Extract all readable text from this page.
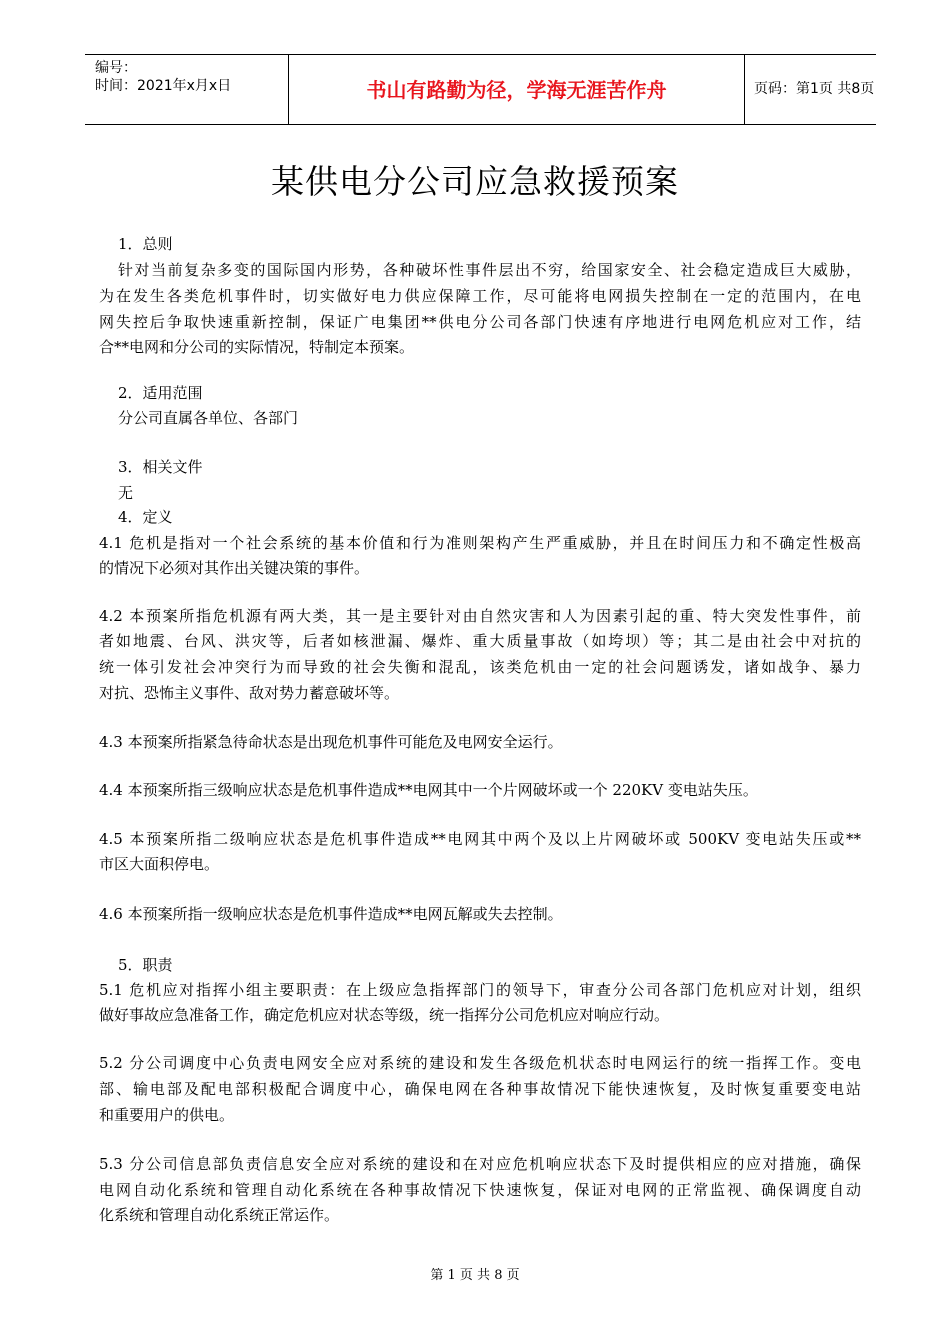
编号：
时间：2021年x月x日	书山有路勤为径，学海无涯苦作舟	页码：第1页 共8页
某供电分公司应急救援预案
1．总则
针对当前复杂多变的国际国内形势，各种破坏性事件层出不穷，给国家安全、社会稳定造成巨大威胁，
为在发生各类危机事件时，切实做好电力供应保障工作，尽可能将电网损失控制在一定的范围内，在电
网失控后争取快速重新控制，保证广电集团**供电分公司各部门快速有序地进行电网危机应对工作，结
合**电网和分公司的实际情况，特制定本预案。
2．适用范围
分公司直属各单位、各部门
3．相关文件
无
4．定义
4.1 危机是指对一个社会系统的基本价值和行为准则架构产生严重威胁，并且在时间压力和不确定性极高
的情况下必须对其作出关键决策的事件。
4.2 本预案所指危机源有两大类，其一是主要针对由自然灾害和人为因素引起的重、特大突发性事件，前
者如地震、台风、洪灾等，后者如核泄漏、爆炸、重大质量事故（如垮坝）等；其二是由社会中对抗的
统一体引发社会冲突行为而导致的社会失衡和混乱，该类危机由一定的社会问题诱发，诸如战争、暴力
对抗、恐怖主义事件、敌对势力蓄意破坏等。
4.3 本预案所指紧急待命状态是出现危机事件可能危及电网安全运行。
4.4 本预案所指三级响应状态是危机事件造成**电网其中一个片网破坏或一个 220KV 变电站失压。
4.5 本预案所指二级响应状态是危机事件造成**电网其中两个及以上片网破坏或 500KV 变电站失压或**
市区大面积停电。
4.6 本预案所指一级响应状态是危机事件造成**电网瓦解或失去控制。
5．职责
5.1 危机应对指挥小组主要职责：在上级应急指挥部门的领导下，审查分公司各部门危机应对计划，组织
做好事故应急准备工作，确定危机应对状态等级，统一指挥分公司危机应对响应行动。
5.2 分公司调度中心负责电网安全应对系统的建设和发生各级危机状态时电网运行的统一指挥工作。变电
部、输电部及配电部积极配合调度中心，确保电网在各种事故情况下能快速恢复，及时恢复重要变电站
和重要用户的供电。
5.3 分公司信息部负责信息安全应对系统的建设和在对应危机响应状态下及时提供相应的应对措施，确保
电网自动化系统和管理自动化系统在各种事故情况下快速恢复，保证对电网的正常监视、确保调度自动
化系统和管理自动化系统正常运作。
第 1 页 共 8 页
